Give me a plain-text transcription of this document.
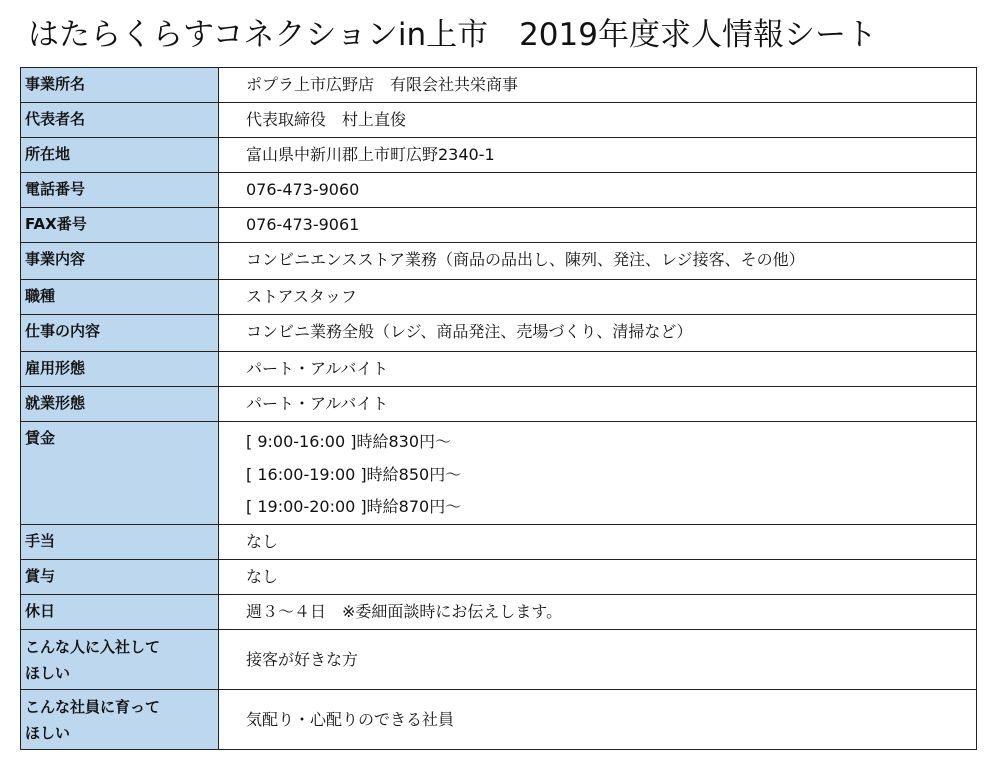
はたらくらすコネクションin上市　2019年度求人情報シート
事業所名	ポプラ上市広野店　有限会社共栄商事

代表者名	代表取締役　村上直俊

所在地	富山県中新川郡上市町広野2340-1

電話番号	076-473-9060

FAX番号	076-473-9061

事業内容	コンビニエンスストア業務（商品の品出し、陳列、発注、レジ接客、その他）

職種	ストアスタッフ

仕事の内容	コンビニ業務全般（レジ、商品発注、売場づくり、清掃など）

雇用形態	パート・アルバイト

就業形態	パート・アルバイト

賃金	[ 9:00-16:00 ]時給830円～
[ 16:00-19:00 ]時給850円～
[ 19:00-20:00 ]時給870円～

手当	なし

賞与	なし

休日	週３～４日　※委細面談時にお伝えします。

こんな人に入社して
ほしい	接客が好きな方

こんな社員に育って
ほしい	気配り・心配りのできる社員
